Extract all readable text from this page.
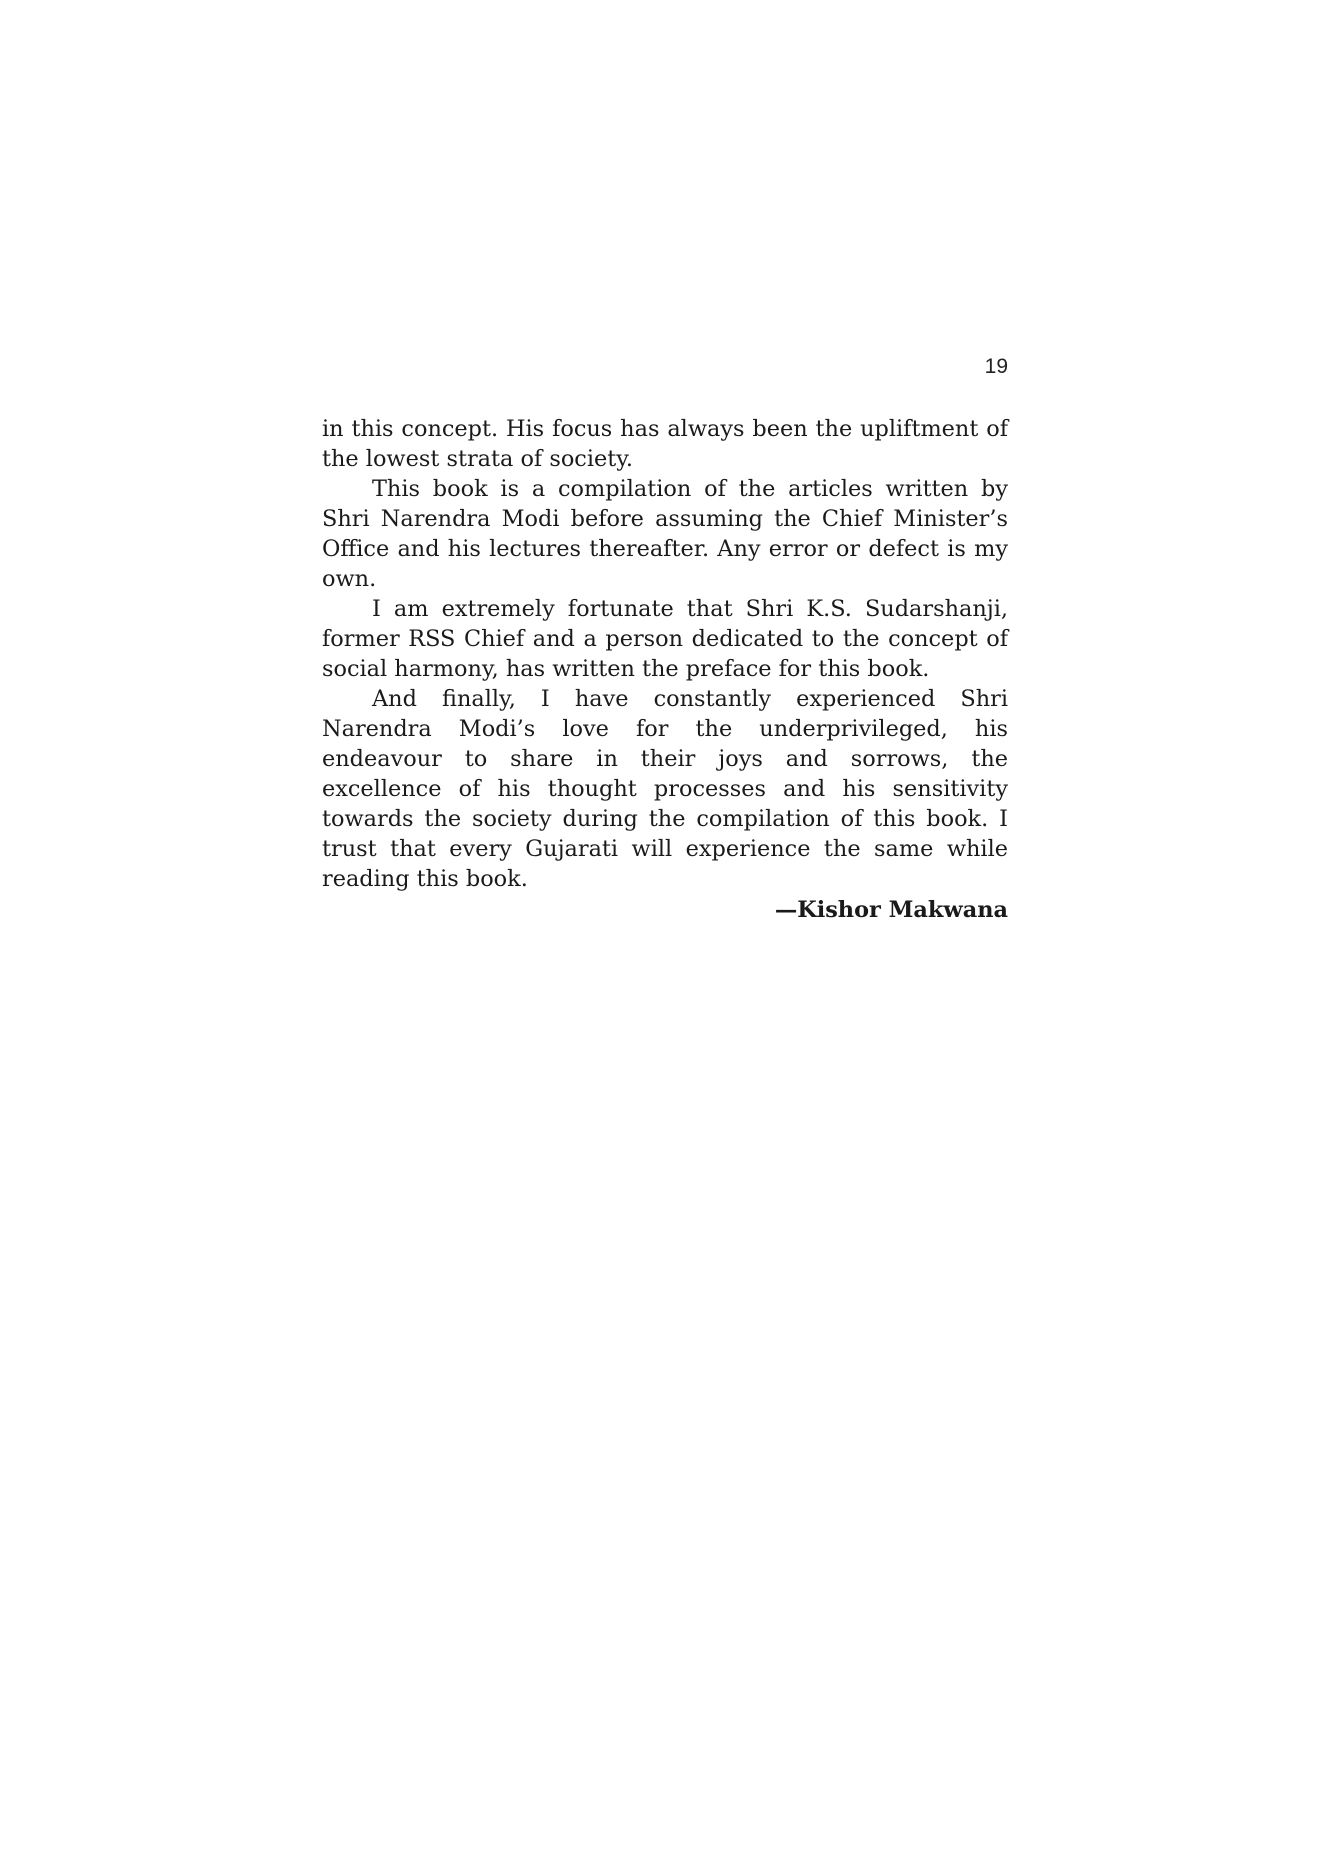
19

in this concept. His focus has always been the upliftment of the lowest strata of society.

This book is a compilation of the articles written by Shri Narendra Modi before assuming the Chief Minister’s Office and his lectures thereafter. Any error or defect is my own.

I am extremely fortunate that Shri K.S. Sudarshanji, former RSS Chief and a person dedicated to the concept of social harmony, has written the preface for this book.

And finally, I have constantly experienced Shri Narendra Modi’s love for the underprivileged, his endeavour to share in their joys and sorrows, the excellence of his thought processes and his sensitivity towards the society during the compilation of this book. I trust that every Gujarati will experience the same while reading this book.

—Kishor Makwana
